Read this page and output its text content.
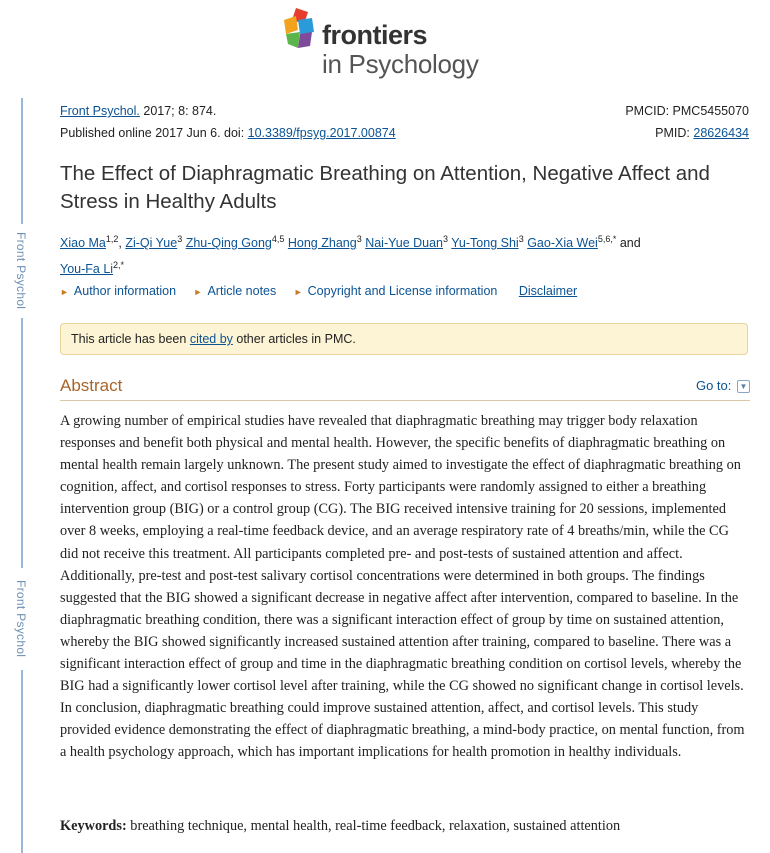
frontiers
in Psychology
Front Psychol
Front Psychol
Front Psychol. 2017; 8: 874.
Published online 2017 Jun 6. doi: 10.3389/fpsyg.2017.00874
PMCID: PMC5455070
PMID: 28626434
The Effect of Diaphragmatic Breathing on Attention, Negative Affect and Stress in Healthy Adults
Xiao Ma$^{1,2}$, Zi-Qi Yue$^3$ Zhu-Qing Gong$^{4,5}$ Hong Zhang$^3$ Nai-Yue Duan$^3$ Yu-Tong Shi$^3$ Gao-Xia Wei$^{5,6,*}$ and
You-Fa $Li^{2,*}$
► Author information ► Article notes ► Copyright and License information Disclaimer
This article has been cited by other articles in PMC.
Abstract	Go to: ▼

A growing number of empirical studies have revealed that diaphragmatic breathing may trigger body relaxation responses and benefit both physical and mental health. However, the specific benefits of diaphragmatic breathing on mental health remain largely unknown. The present study aimed to investigate the effect of diaphragmatic breathing on cognition, affect, and cortisol responses to stress. Forty participants were randomly assigned to either a breathing intervention group (BIG) or a control group (CG). The BIG received intensive training for 20 sessions, implemented over 8 weeks, employing a real-time feedback device, and an average respiratory rate of 4 breaths/min, while the CG did not receive this treatment. All participants completed pre- and post-tests of sustained attention and affect. Additionally, pre-test and post-test salivary cortisol concentrations were determined in both groups. The findings suggested that the BIG showed a significant decrease in negative affect after intervention, compared to baseline. In the diaphragmatic breathing condition, there was a significant interaction effect of group by time on sustained attention, whereby the BIG showed significantly increased sustained attention after training, compared to baseline. There was a significant interaction effect of group and time in the diaphragmatic breathing condition on cortisol levels, whereby the BIG had a significantly lower cortisol level after training, while the CG showed no significant change in cortisol levels. In conclusion, diaphragmatic breathing could improve sustained attention, affect, and cortisol levels. This study provided evidence demonstrating the effect of diaphragmatic breathing, a mind-body practice, on mental function, from a health psychology approach, which has important implications for health promotion in healthy individuals.

Keywords: breathing technique, mental health, real-time feedback, relaxation, sustained attention
